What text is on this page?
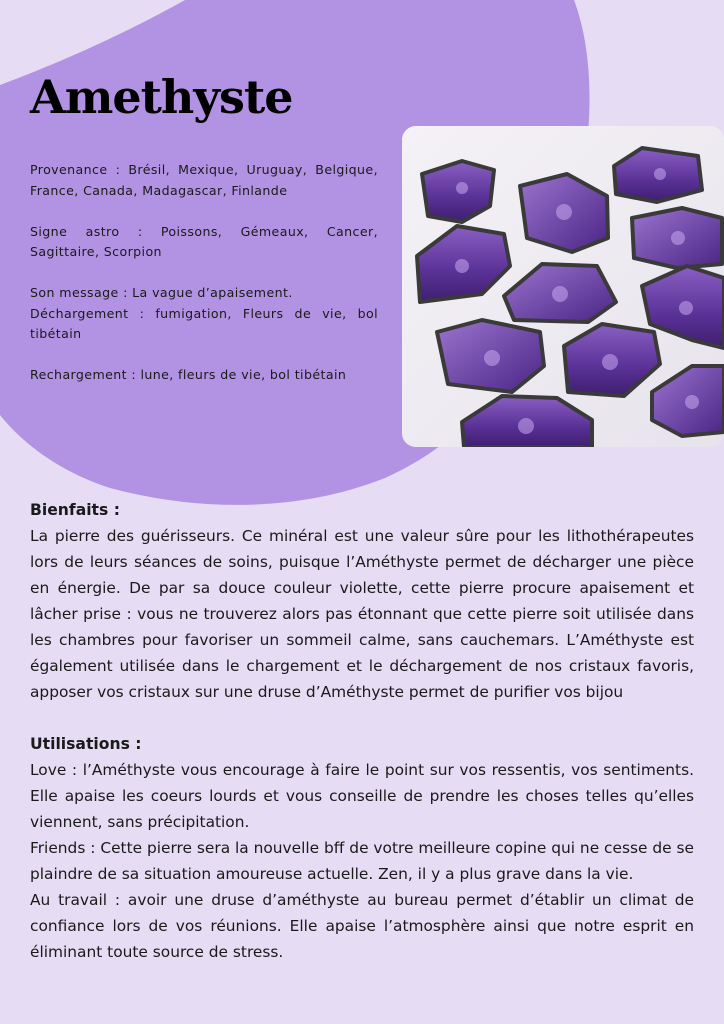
Amethyste

Provenance : Brésil, Mexique, Uruguay, Belgique, France, Canada, Madagascar, Finlande

Signe astro : Poissons, Gémeaux, Cancer, Sagittaire, Scorpion

Son message : La vague d’apaisement.

Déchargement : fumigation, Fleurs de vie, bol tibétain

Rechargement : lune, fleurs de vie, bol tibétain

Bienfaits :

La pierre des guérisseurs. Ce minéral est une valeur sûre pour les lithothérapeutes lors de leurs séances de soins, puisque l’Améthyste permet de décharger une pièce en énergie. De par sa douce couleur violette, cette pierre procure apaisement et lâcher prise : vous ne trouverez alors pas étonnant que cette pierre soit utilisée dans les chambres pour favoriser un sommeil calme, sans cauchemars. L’Améthyste est également utilisée dans le chargement et le déchargement de nos cristaux favoris, apposer vos cristaux sur une druse d’Améthyste permet de purifier vos bijou

Utilisations :

Love : l’Améthyste vous encourage à faire le point sur vos ressentis, vos sentiments. Elle apaise les coeurs lourds et vous conseille de prendre les choses telles qu’elles viennent, sans précipitation.

Friends : Cette pierre sera la nouvelle bff de votre meilleure copine qui ne cesse de se plaindre de sa situation amoureuse actuelle. Zen, il y a plus grave dans la vie.

Au travail : avoir une druse d’améthyste au bureau permet d’établir un climat de confiance lors de vos réunions. Elle apaise l’atmosphère ainsi que notre esprit en éliminant toute source de stress.
